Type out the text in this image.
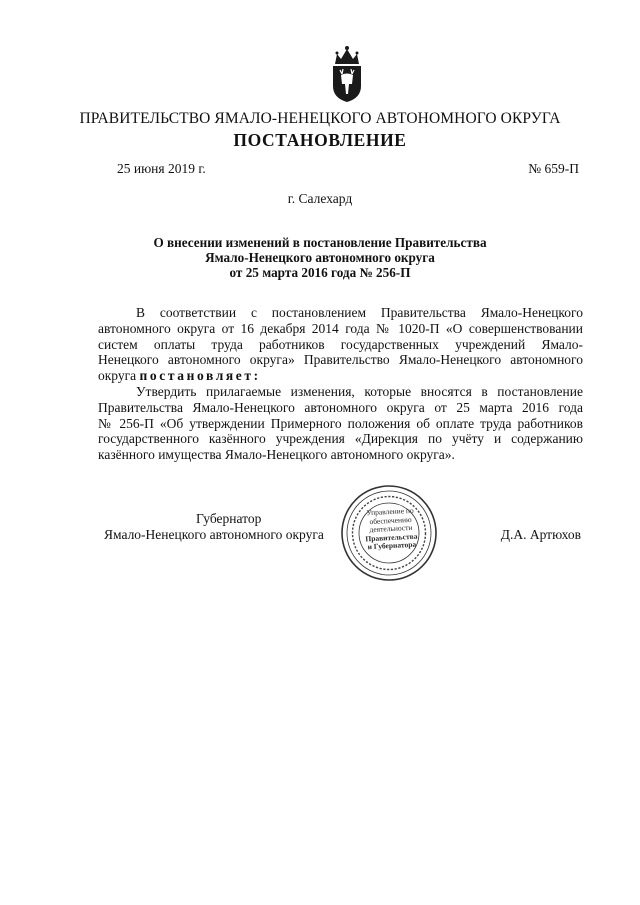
ПРАВИТЕЛЬСТВО ЯМАЛО-НЕНЕЦКОГО АВТОНОМНОГО ОКРУГА
ПОСТАНОВЛЕНИЕ
25 июня 2019 г.	№ 659-П
г. Салехард
О внесении изменений в постановление Правительства
Ямало-Ненецкого автономного округа
от 25 марта 2016 года № 256-П
В соответствии с постановлением Правительства Ямало-Ненецкого
автономного округа от 16 декабря 2014 года № 1020-П «О совершенствовании
систем оплаты труда работников государственных учреждений Ямало-
Ненецкого автономного округа» Правительство Ямало-Ненецкого автономного
округа постановляет:
Утвердить прилагаемые изменения, которые вносятся в постановление
Правительства Ямало-Ненецкого автономного округа от 25 марта 2016 года
№ 256-П «Об утверждении Примерного положения об оплате труда работников
государственного казённого учреждения «Дирекция по учёту и содержанию
казённого имущества Ямало-Ненецкого автономного округа».
Управление по
обеспечению
деятельности
Правительства
и Губернатора
Губернатор
Ямало-Ненецкого автономного округа	Д.А. Артюхов
